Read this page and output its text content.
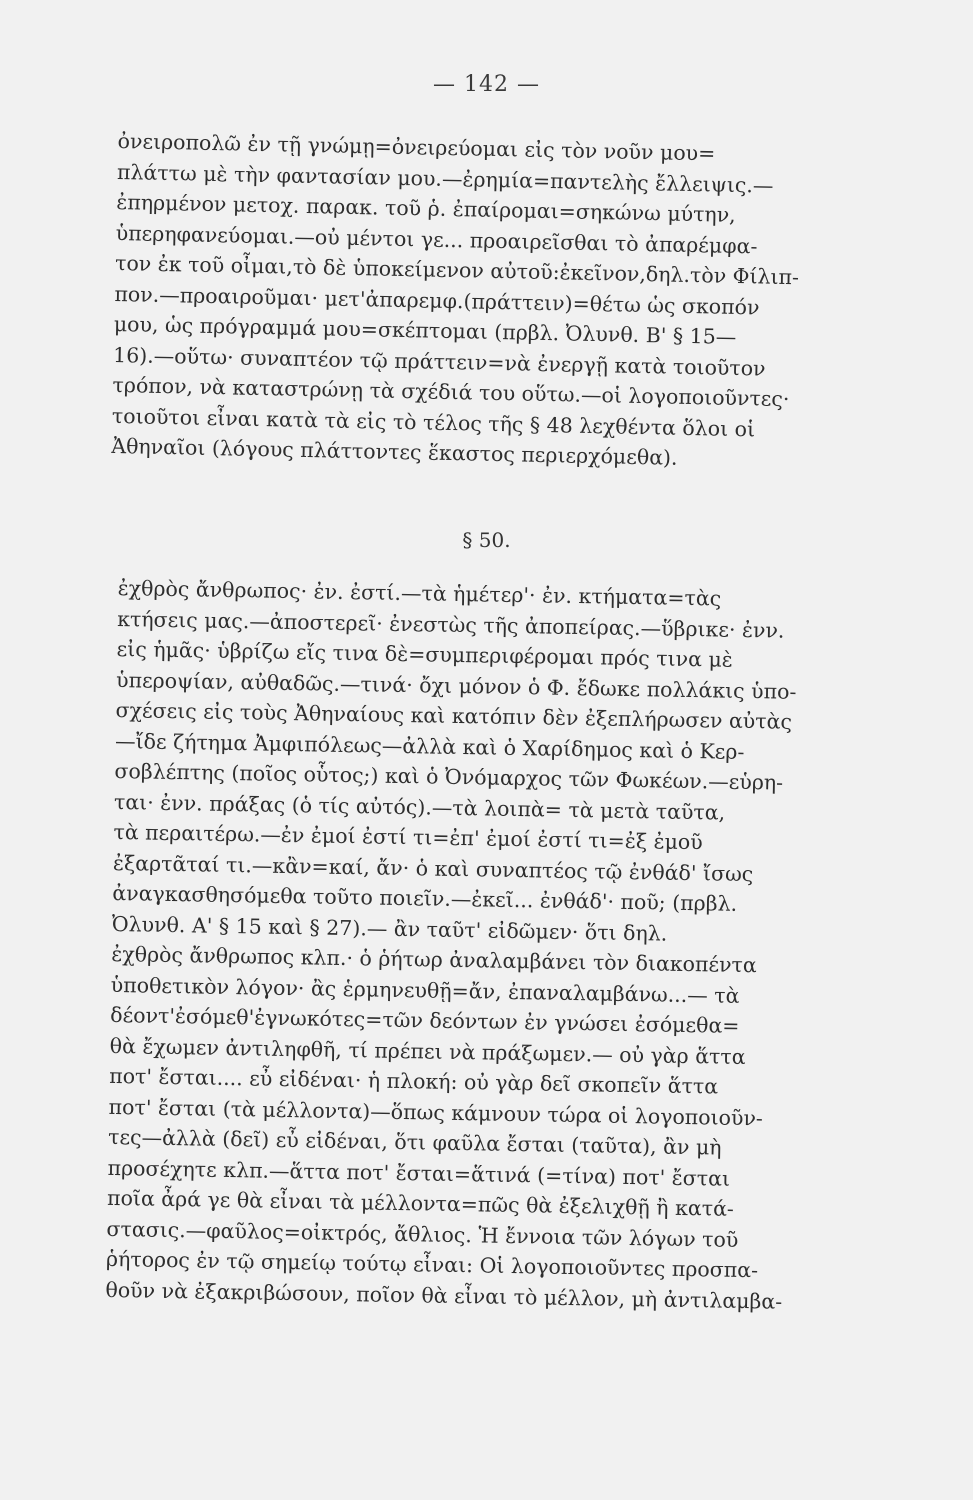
— 142 —
ὀνειροπολῶ ἐν τῇ γνώμῃ=ὀνειρεύομαι εἰς τὸν νοῦν μου=
πλάττω μὲ τὴν φαντασίαν μου.—ἐρημία=παντελὴς ἔλλειψις.—
ἐπηρμένον μετοχ. παρακ. τοῦ ῥ. ἐπαίρομαι=σηκώνω μύτην,
ὑπερηφανεύομαι.—οὐ μέντοι γε... προαιρεῖσθαι τὸ ἀπαρέμφα-
τον ἐκ τοῦ οἶμαι,τὸ δὲ ὑποκείμενον αὐτοῦ:ἐκεῖνον,δηλ.τὸν Φίλιπ-
πον.—προαιροῦμαι· μετ'ἀπαρεμφ.(πράττειν)=θέτω ὡς σκοπόν
μου, ὡς πρόγραμμά μου=σκέπτομαι (πρβλ. Ὀλυνθ. Β' § 15—
16).—οὕτω· συναπτέον τῷ πράττειν=νὰ ἐνεργῇ κατὰ τοιοῦτον
τρόπον, νὰ καταστρώνῃ τὰ σχέδιά του οὕτω.—οἱ λογοποιοῦντες·
τοιοῦτοι εἶναι κατὰ τὰ εἰς τὸ τέλος τῆς § 48 λεχθέντα ὅλοι οἱ
Ἀθηναῖοι (λόγους πλάττοντες ἕκαστος περιερχόμεθα).
§ 50.
ἐχθρὸς ἄνθρωπος· ἐν. ἐστί.—τὰ ἡμέτερ'· ἐν. κτήματα=τὰς
κτήσεις μας.—ἀποστερεῖ· ἐνεστὼς τῆς ἀποπείρας.—ὕβρικε· ἐνν.
εἰς ἡμᾶς· ὑβρίζω εἴς τινα δὲ=συμπεριφέρομαι πρός τινα μὲ
ὑπεροψίαν, αὐθαδῶς.—τινά· ὄχι μόνον ὁ Φ. ἔδωκε πολλάκις ὑπο-
σχέσεις εἰς τοὺς Ἀθηναίους καὶ κατόπιν δὲν ἐξεπλήρωσεν αὐτὰς
—ἴδε ζήτημα Ἀμφιπόλεως—ἀλλὰ καὶ ὁ Χαρίδημος καὶ ὁ Κερ-
σοβλέπτης (ποῖος οὗτος;) καὶ ὁ Ὀνόμαρχος τῶν Φωκέων.—εὑρη-
ται· ἐνν. πράξας (ὁ τίς αὐτός).—τὰ λοιπὰ= τὰ μετὰ ταῦτα,
τὰ περαιτέρω.—ἐν ἐμοί ἐστί τι=ἐπ' ἐμοί ἐστί τι=ἐξ ἐμοῦ
ἐξαρτᾶταί τι.—κἂν=καί, ἄν· ὁ καὶ συναπτέος τῷ ἐνθάδ' ἴσως
ἀναγκασθησόμεθα τοῦτο ποιεῖν.—ἐκεῖ... ἐνθάδ'· ποῦ; (πρβλ.
Ὀλυνθ. Α' § 15 καὶ § 27).— ἂν ταῦτ' εἰδῶμεν· ὅτι δηλ.
ἐχθρὸς ἄνθρωπος κλπ.· ὁ ῥήτωρ ἀναλαμβάνει τὸν διακοπέντα
ὑποθετικὸν λόγον· ἂς ἑρμηνευθῇ=ἄν, ἐπαναλαμβάνω...— τὰ
δέοντ'ἐσόμεθ'ἐγνωκότες=τῶν δεόντων ἐν γνώσει ἐσόμεθα=
θὰ ἔχωμεν ἀντιληφθῆ, τί πρέπει νὰ πράξωμεν.— οὐ γὰρ ἅττα
ποτ' ἔσται.... εὖ εἰδέναι· ἡ πλοκή: οὐ γὰρ δεῖ σκοπεῖν ἅττα
ποτ' ἔσται (τὰ μέλλοντα)—ὅπως κάμνουν τώρα οἱ λογοποιοῦν-
τες—ἀλλὰ (δεῖ) εὖ εἰδέναι, ὅτι φαῦλα ἔσται (ταῦτα), ἂν μὴ
προσέχητε κλπ.—ἅττα ποτ' ἔσται=ἅτινά (=τίνα) ποτ' ἔσται
ποῖα ἆρά γε θὰ εἶναι τὰ μέλλοντα=πῶς θὰ ἐξελιχθῇ ἢ κατά-
στασις.—φαῦλος=οἰκτρός, ἄθλιος. Ἡ ἔννοια τῶν λόγων τοῦ
ῥήτορος ἐν τῷ σημείῳ τούτῳ εἶναι: Οἱ λογοποιοῦντες προσπα-
θοῦν νὰ ἐξακριβώσουν, ποῖον θὰ εἶναι τὸ μέλλον, μὴ ἀντιλαμβα-
